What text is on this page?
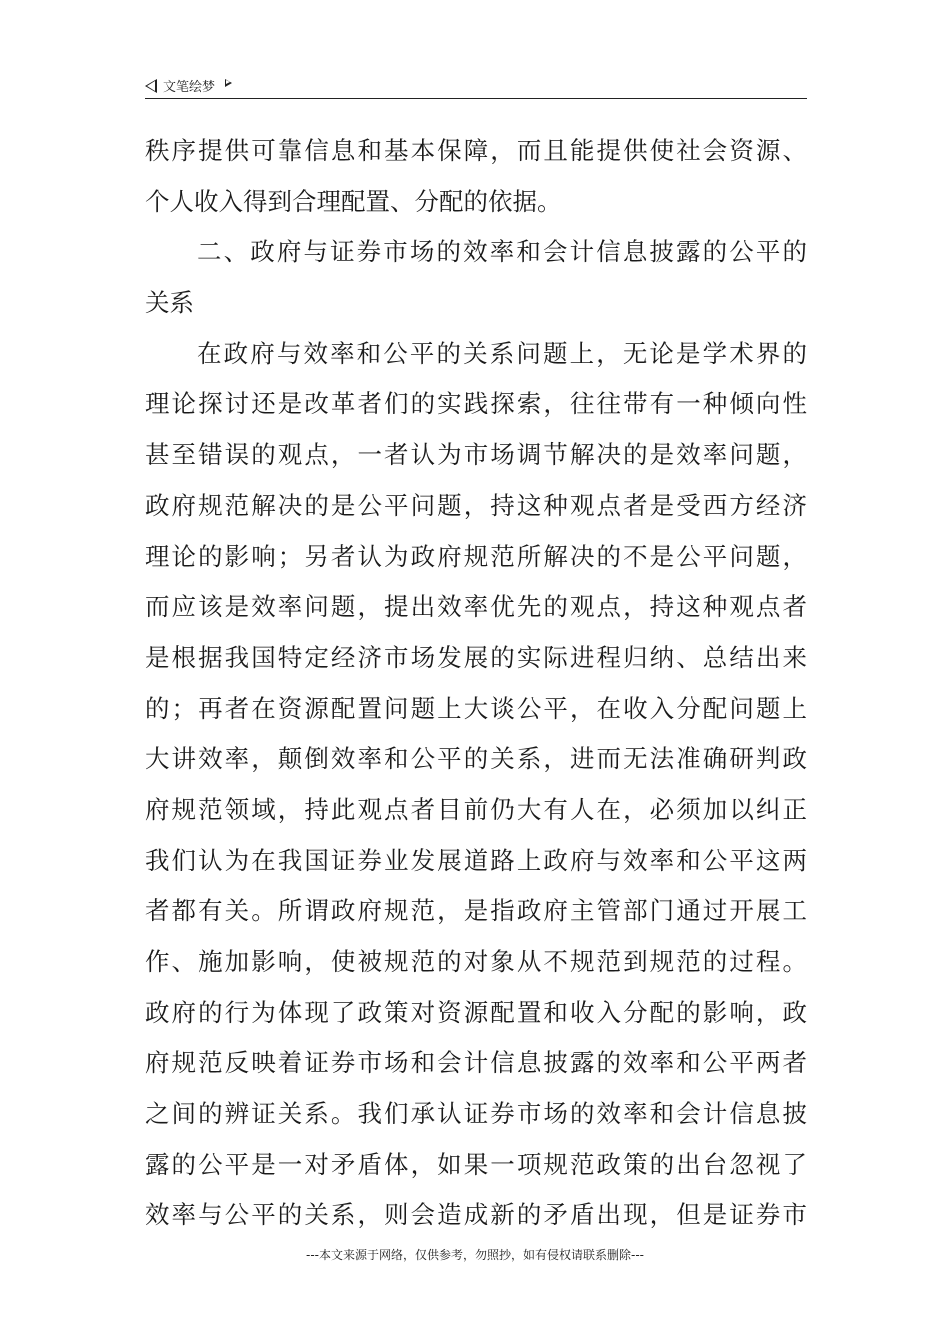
文笔绘梦
秩序提供可靠信息和基本保障，而且能提供使社会资源、
个人收入得到合理配置、分配的依据。
二、政府与证券市场的效率和会计信息披露的公平的
关系
在政府与效率和公平的关系问题上，无论是学术界的
理论探讨还是改革者们的实践探索，往往带有一种倾向性
甚至错误的观点，一者认为市场调节解决的是效率问题，
政府规范解决的是公平问题，持这种观点者是受西方经济
理论的影响；另者认为政府规范所解决的不是公平问题，
而应该是效率问题，提出效率优先的观点，持这种观点者
是根据我国特定经济市场发展的实际进程归纳、总结出来
的；再者在资源配置问题上大谈公平，在收入分配问题上
大讲效率，颠倒效率和公平的关系，进而无法准确研判政
府规范领域，持此观点者目前仍大有人在，必须加以纠正
我们认为在我国证券业发展道路上政府与效率和公平这两
者都有关。所谓政府规范，是指政府主管部门通过开展工
作、施加影响，使被规范的对象从不规范到规范的过程。
政府的行为体现了政策对资源配置和收入分配的影响，政
府规范反映着证券市场和会计信息披露的效率和公平两者
之间的辨证关系。我们承认证券市场的效率和会计信息披
露的公平是一对矛盾体，如果一项规范政策的出台忽视了
效率与公平的关系，则会造成新的矛盾出现，但是证券市
---本文来源于网络，仅供参考，勿照抄，如有侵权请联系删除---
